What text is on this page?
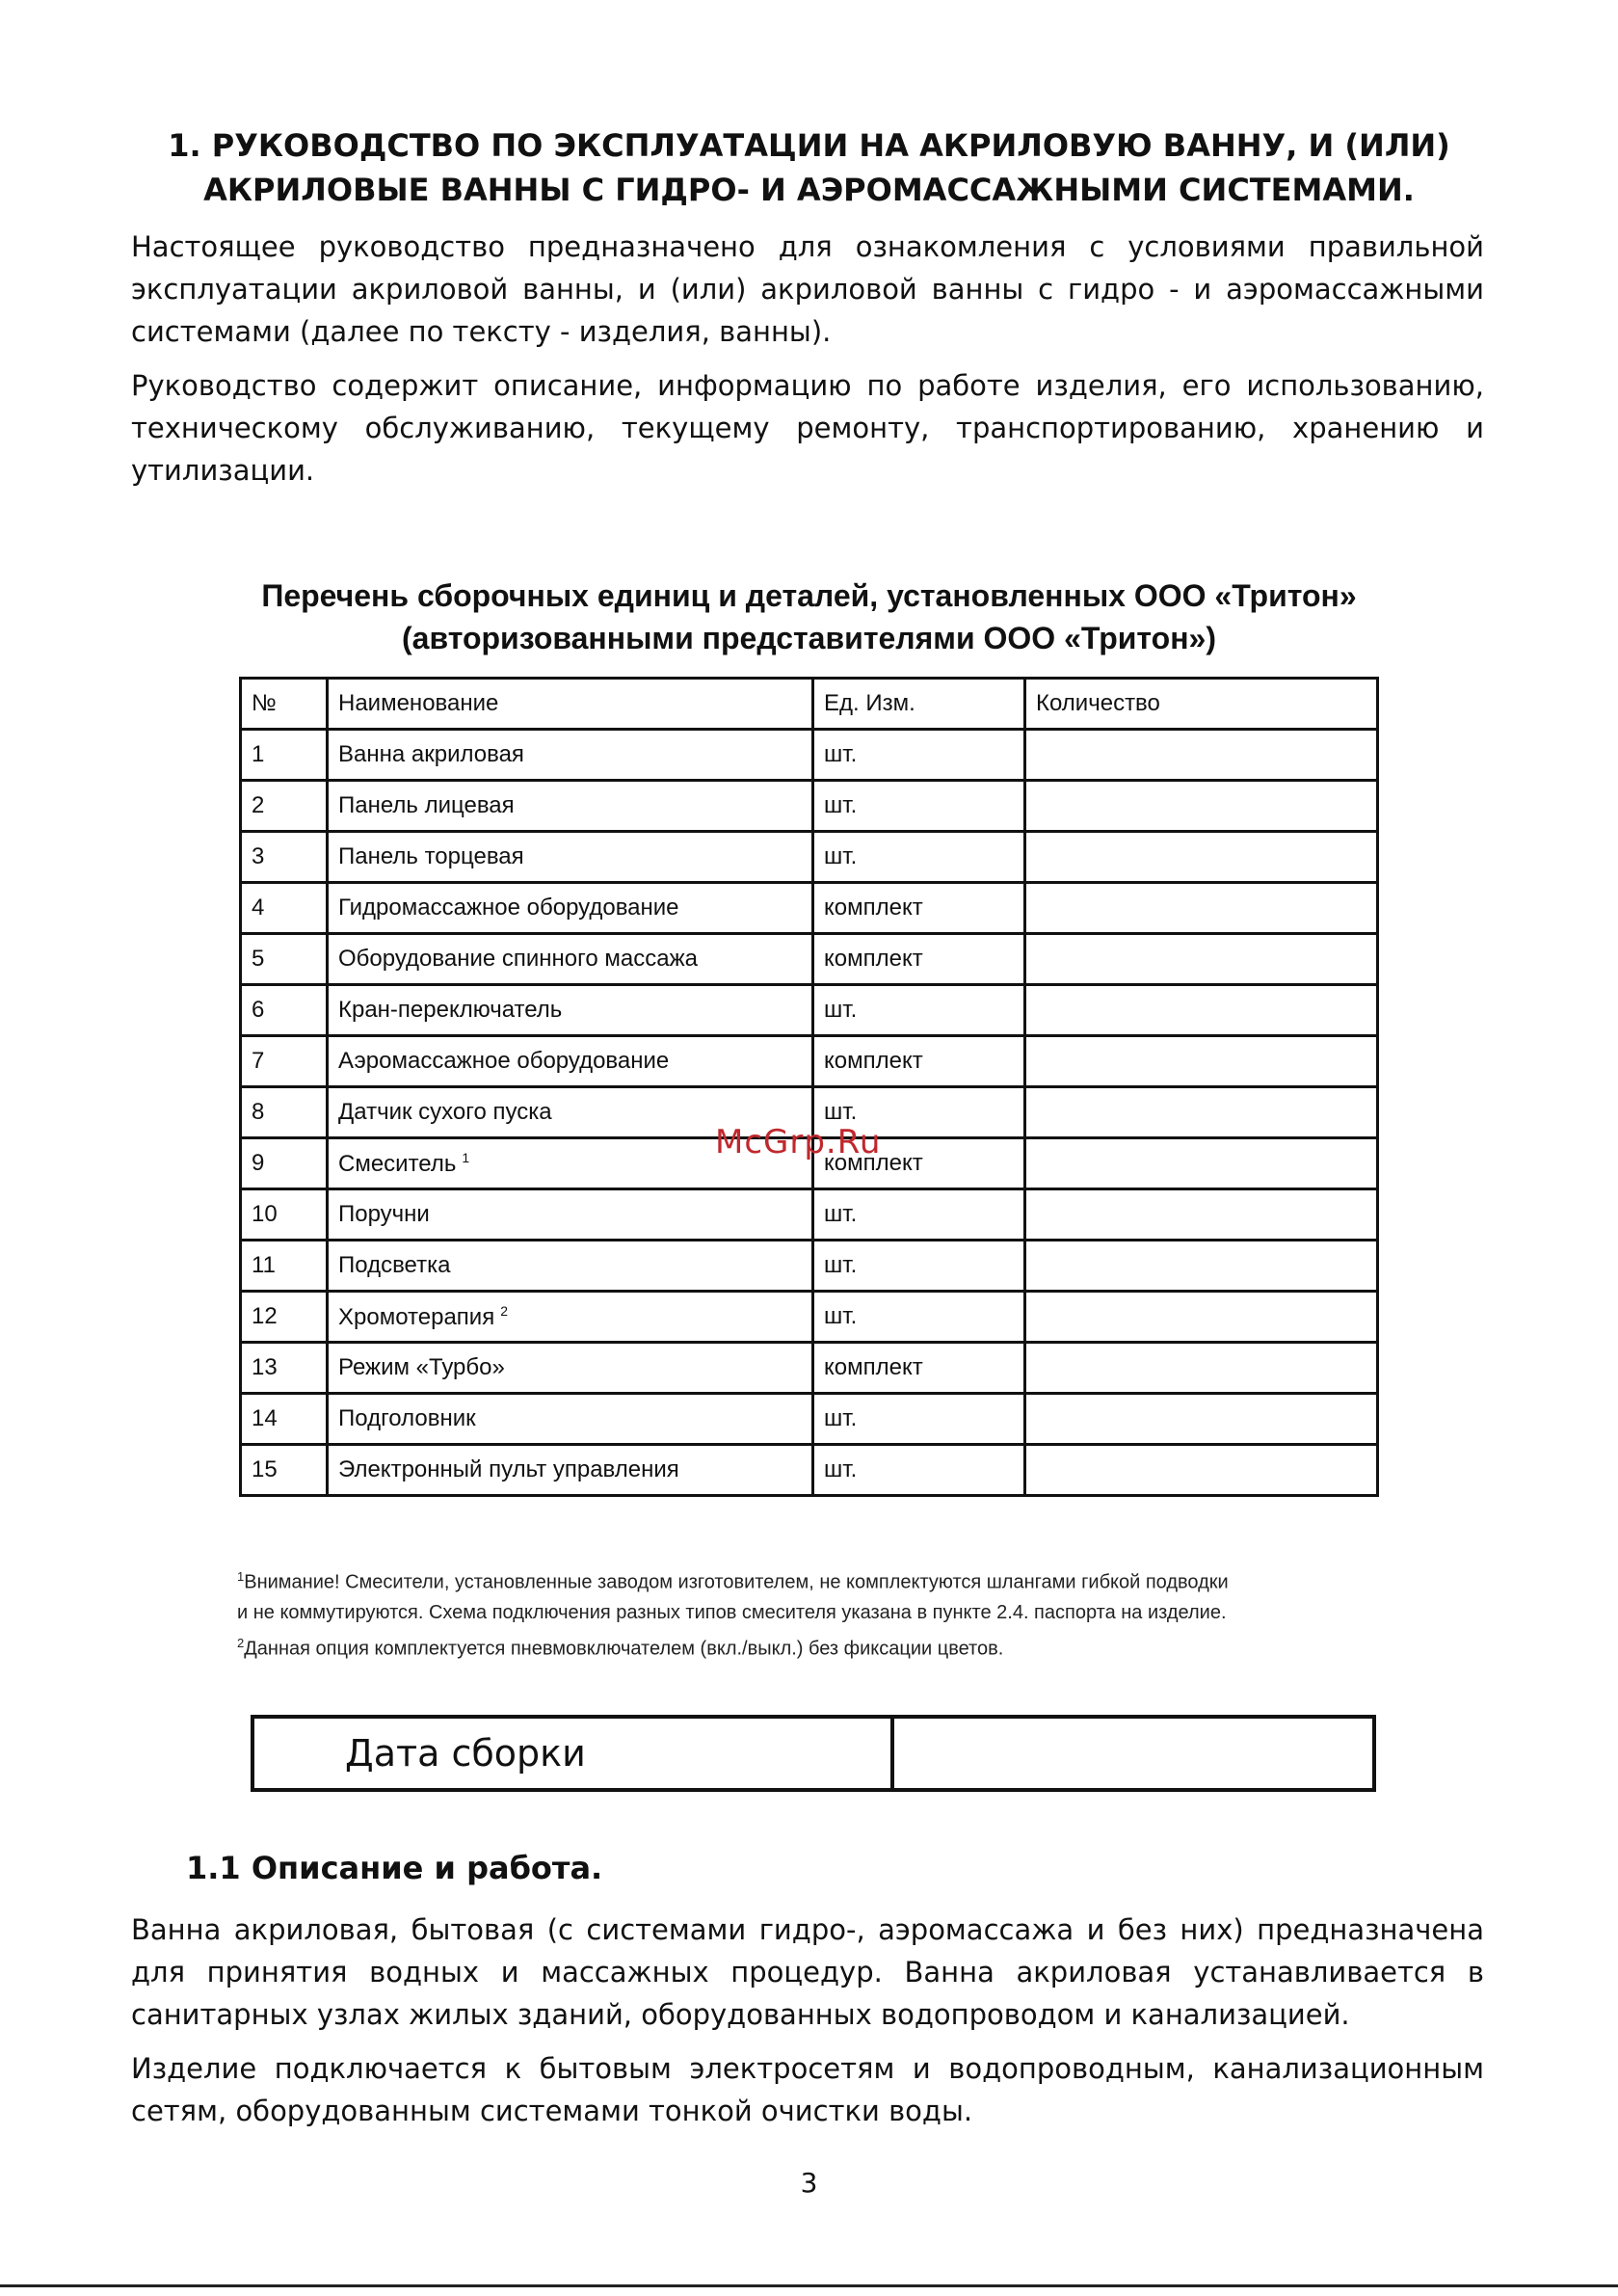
1. РУКОВОДСТВО ПО ЭКСПЛУАТАЦИИ НА АКРИЛОВУЮ ВАННУ, И (ИЛИ)
АКРИЛОВЫЕ ВАННЫ С ГИДРО- И АЭРОМАССАЖНЫМИ СИСТЕМАМИ.

Настоящее руководство предназначено для ознакомления с условиями правильной эксплуатации акриловой ванны, и (или) акриловой ванны с гидро - и аэромассажными системами (далее по тексту - изделия, ванны).

Руководство содержит описание, информацию по работе изделия, его использованию, техническому обслуживанию, текущему ремонту, транспортированию, хранению и утилизации.

Перечень сборочных единиц и деталей, установленных ООО «Тритон»
(авторизованными представителями ООО «Тритон»)
№	Наименование	Ед. Изм.	Количество
1	Ванна акриловая	шт.	
2	Панель лицевая	шт.	
3	Панель торцевая	шт.	
4	Гидромассажное оборудование	комплект	
5	Оборудование спинного массажа	комплект	
6	Кран-переключатель	шт.	
7	Аэромассажное оборудование	комплект	
8	Датчик сухого пуска	шт.	
9	Смеситель $^1$	комплект	
10	Поручни	шт.	
11	Подсветка	шт.	
12	Хромотерапия $^2$	шт.	
13	Режим «Турбо»	комплект	
14	Подголовник	шт.	
15	Электронный пульт управления	шт.	
$^1$Внимание! Смесители, установленные заводом изготовителем, не комплектуются шлангами гибкой подводки
и не коммутируются. Схема подключения разных типов смесителя указана в пункте 2.4. паспорта на изделие.
$^2$Данная опция комплектуется пневмовключателем (вкл./выкл.) без фиксации цветов.
Дата сборки
1.1 Описание и работа.

Ванна акриловая, бытовая (с системами гидро-, аэромассажа и без них) предназначена для принятия водных и массажных процедур. Ванна акриловая устанавливается в санитарных узлах жилых зданий, оборудованных водопроводом и канализацией.

Изделие подключается к бытовым электросетям и водопроводным, канализационным сетям, оборудованным системами тонкой очистки воды.

McGrp.Ru
3
